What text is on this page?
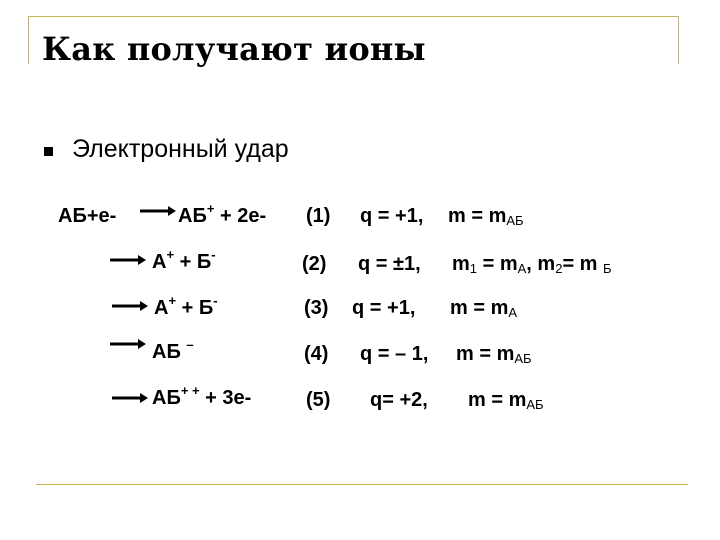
Как получают ионы
Электронный удар
АБ+е-	АБ+ + 2е- (1) q = +1, $m = m_{АБ}$
А+ + Б-	(2) q = ±1, $m_1 = m_А$, $m_2= m$ $_Б$
А+ + Б-	(3) q = +1, $m = m_А$
АБ –	(4) q = – 1, $m = m_{АБ}$
АБ+ + + 3е-	(5) q= +2, $m = m_{АБ}$
